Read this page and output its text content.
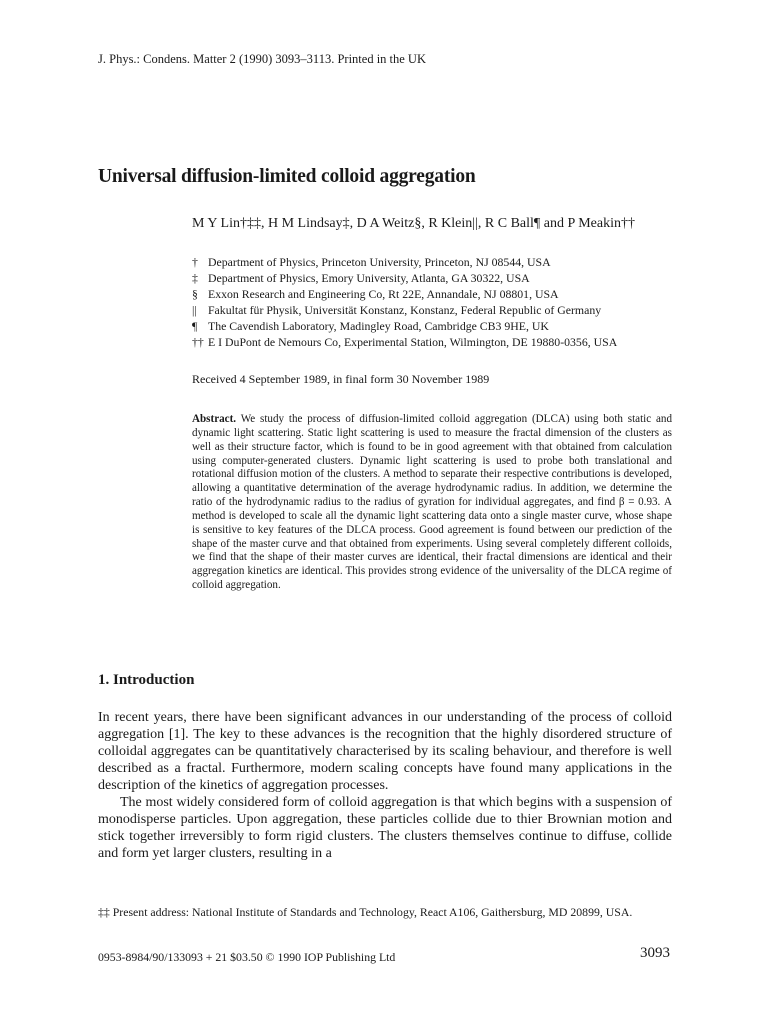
J. Phys.: Condens. Matter 2 (1990) 3093–3113. Printed in the UK
Universal diffusion-limited colloid aggregation
M Y Lin†‡‡, H M Lindsay‡, D A Weitz§, R Klein||, R C Ball¶ and P Meakin††
† Department of Physics, Princeton University, Princeton, NJ 08544, USA
‡ Department of Physics, Emory University, Atlanta, GA 30322, USA
§ Exxon Research and Engineering Co, Rt 22E, Annandale, NJ 08801, USA
|| Fakultat für Physik, Universität Konstanz, Konstanz, Federal Republic of Germany
¶ The Cavendish Laboratory, Madingley Road, Cambridge CB3 9HE, UK
†† E I DuPont de Nemours Co, Experimental Station, Wilmington, DE 19880-0356, USA
Received 4 September 1989, in final form 30 November 1989

Abstract. We study the process of diffusion-limited colloid aggregation (DLCA) using both static and dynamic light scattering. Static light scattering is used to measure the fractal dimension of the clusters as well as their structure factor, which is found to be in good agreement with that obtained from calculation using computer-generated clusters. Dynamic light scattering is used to probe both translational and rotational diffusion motion of the clusters. A method to separate their respective contributions is developed, allowing a quantitative determination of the average hydrodynamic radius. In addition, we determine the ratio of the hydrodynamic radius to the radius of gyration for individual aggregates, and find β = 0.93. A method is developed to scale all the dynamic light scattering data onto a single master curve, whose shape is sensitive to key features of the DLCA process. Good agreement is found between our prediction of the shape of the master curve and that obtained from experiments. Using several completely different colloids, we find that the shape of their master curves are identical, their fractal dimensions are identical and their aggregation kinetics are identical. This provides strong evidence of the universality of the DLCA regime of colloid aggregation.

1. Introduction

In recent years, there have been significant advances in our understanding of the process of colloid aggregation [1]. The key to these advances is the recognition that the highly disordered structure of colloidal aggregates can be quantitatively characterised by its scaling behaviour, and therefore is well described as a fractal. Furthermore, modern scaling concepts have found many applications in the description of the kinetics of aggregation processes.

The most widely considered form of colloid aggregation is that which begins with a suspension of monodisperse particles. Upon aggregation, these particles collide due to thier Brownian motion and stick together irreversibly to form rigid clusters. The clusters themselves continue to diffuse, collide and form yet larger clusters, resulting in a

‡‡ Present address: National Institute of Standards and Technology, React A106, Gaithersburg, MD 20899, USA.
0953-8984/90/133093 + 21 $03.50 © 1990 IOP Publishing Ltd	3093
